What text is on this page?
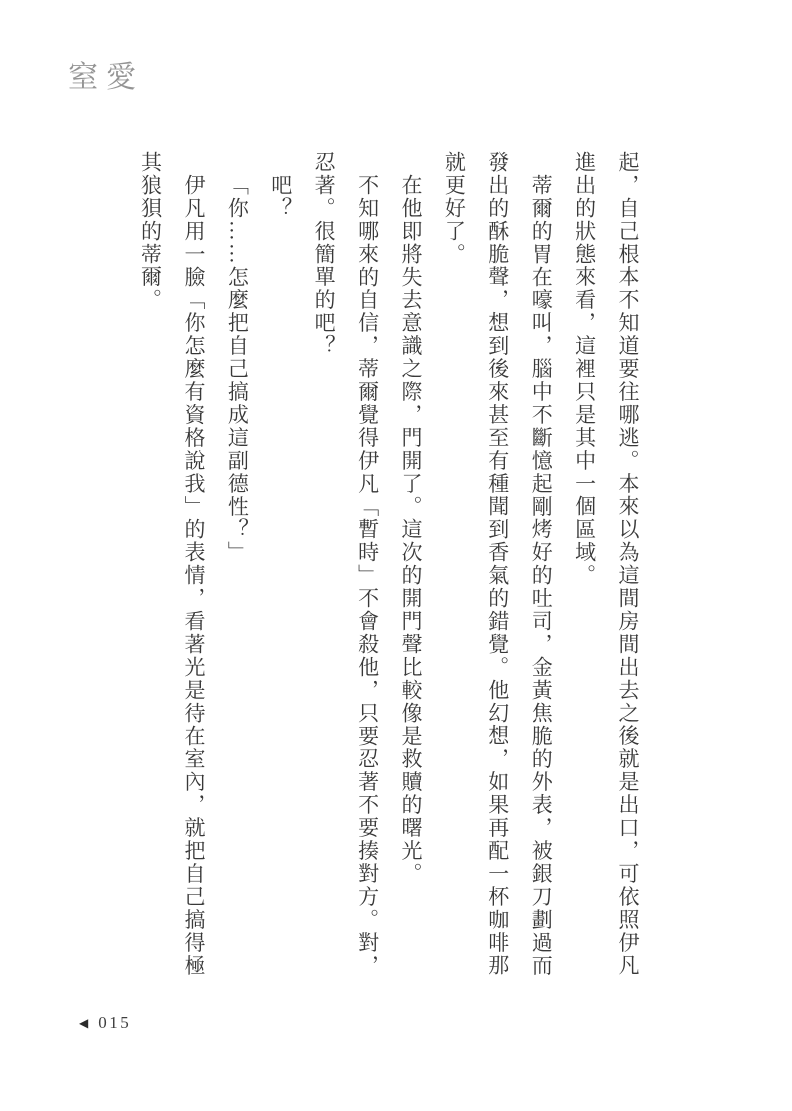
窒愛

起，自己根本不知道要往哪逃。本來以為這間房間出去之後就是出口，可依照伊凡進出的狀態來看，這裡只是其中一個區域。

蒂爾的胃在嚎叫，腦中不斷憶起剛烤好的吐司，金黃焦脆的外表，被銀刀劃過而發出的酥脆聲，想到後來甚至有種聞到香氣的錯覺。他幻想，如果再配一杯咖啡那就更好了。

在他即將失去意識之際，門開了。這次的開門聲比較像是救贖的曙光。

不知哪來的自信，蒂爾覺得伊凡「暫時」不會殺他，只要忍著不要揍對方。對，忍著。很簡單的吧？

吧？

「你……怎麼把自己搞成這副德性？」

伊凡用一臉「你怎麼有資格說我」的表情，看著光是待在室內，就把自己搞得極其狼狽的蒂爾。

◀ 015
